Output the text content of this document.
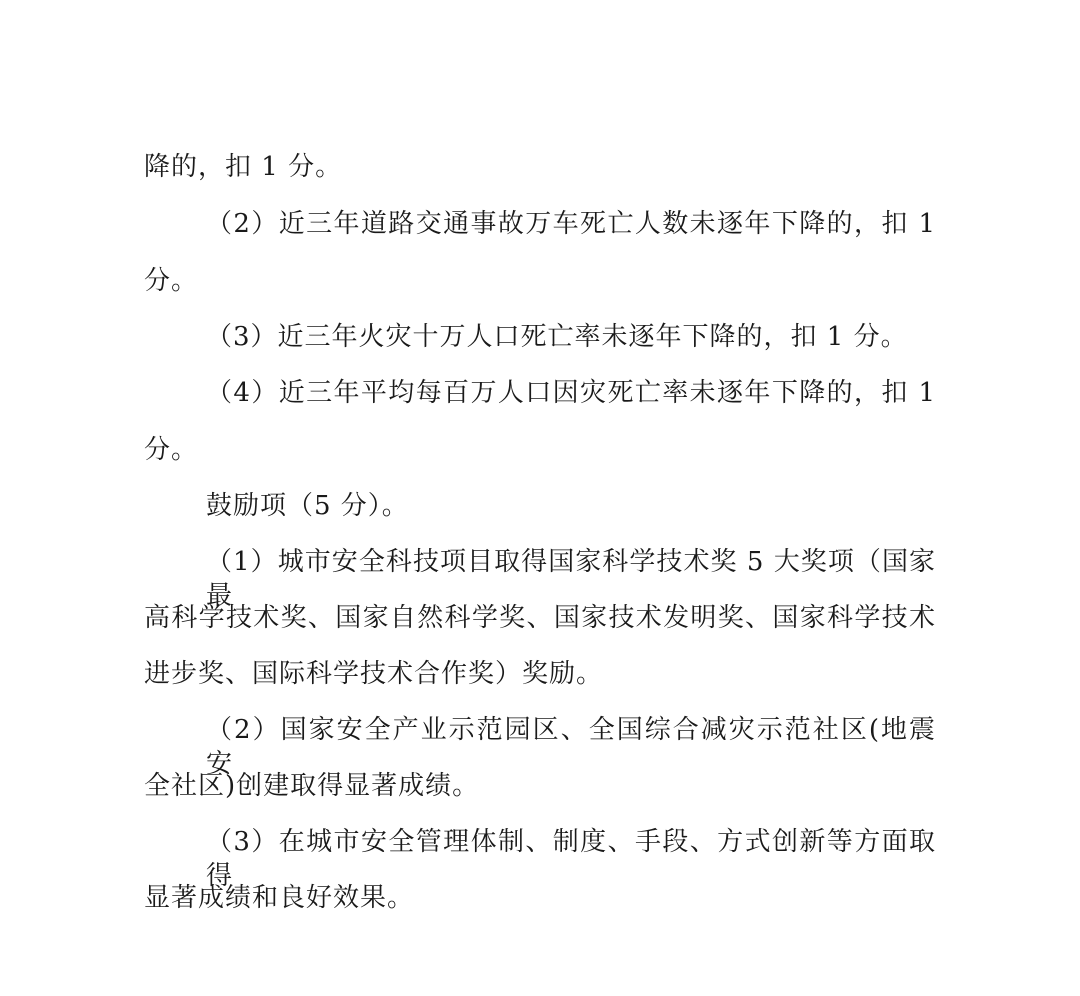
降的，扣 1 分。
（2）近三年道路交通事故万车死亡人数未逐年下降的，扣 1
分。
（3）近三年火灾十万人口死亡率未逐年下降的，扣 1 分。
（4）近三年平均每百万人口因灾死亡率未逐年下降的，扣 1
分。
鼓励项（5 分）。
（1）城市安全科技项目取得国家科学技术奖 5 大奖项（国家最
高科学技术奖、国家自然科学奖、国家技术发明奖、国家科学技术
进步奖、国际科学技术合作奖）奖励。
（2）国家安全产业示范园区、全国综合减灾示范社区(地震安
全社区)创建取得显著成绩。
（3）在城市安全管理体制、制度、手段、方式创新等方面取得
显著成绩和良好效果。
